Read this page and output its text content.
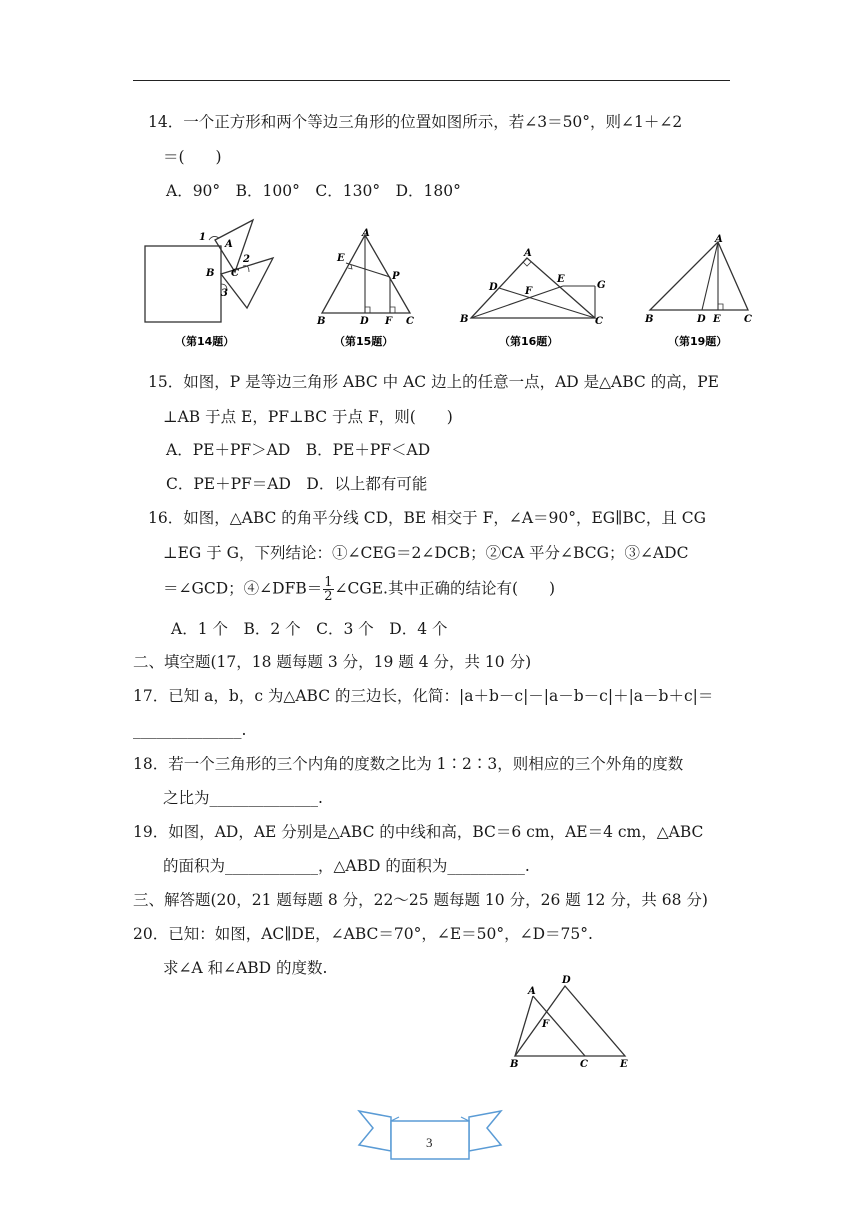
14．一个正方形和两个等边三角形的位置如图所示，若∠3＝50°，则∠1＋∠2
＝(　　)
A．90°　B．100°　C．130°　D．180°
1
A
2
B C
3
（第14题）
A
E
P
B	D F C
（第15题）
A
D
E
F
G
B	C
（第16题）
A
B	D E C
（第19题）
15．如图，P 是等边三角形 ABC 中 AC 边上的任意一点，AD 是△ABC 的高，PE
⊥AB 于点 E，PF⊥BC 于点 F，则(　　)
A．PE＋PF＞AD　B．PE＋PF＜AD
C．PE＋PF＝AD　D．以上都有可能
16．如图，△ABC 的角平分线 CD，BE 相交于 F，∠A＝90°，EG∥BC，且 CG
⊥EG 于 G，下列结论：①∠CEG＝2∠DCB；②CA 平分∠BCG；③∠ADC
＝∠GCD；④∠DFB＝ $\frac{1}{2}$ ∠CGE.其中正确的结论有(　　)
A．1 个　B．2 个　C．3 个　D．4 个
二、填空题(17，18 题每题 3 分，19 题 4 分，共 10 分)
17．已知 a，b，c 为△ABC 的三边长，化简：|a＋b－c|－|a－b－c|＋|a－b＋c|＝
______________.
18．若一个三角形的三个内角的度数之比为 1∶2∶3，则相应的三个外角的度数
之比为______________.
19．如图，AD，AE 分别是△ABC 的中线和高，BC＝6 cm，AE＝4 cm，△ABC
的面积为____________，△ABD 的面积为__________.
三、解答题(20，21 题每题 8 分，22～25 题每题 10 分，26 题 12 分，共 68 分)
20．已知：如图，AC∥DE，∠ABC＝70°，∠E＝50°，∠D＝75°.
求∠A 和∠ABD 的度数.
D
A
F
B	C	E
3
